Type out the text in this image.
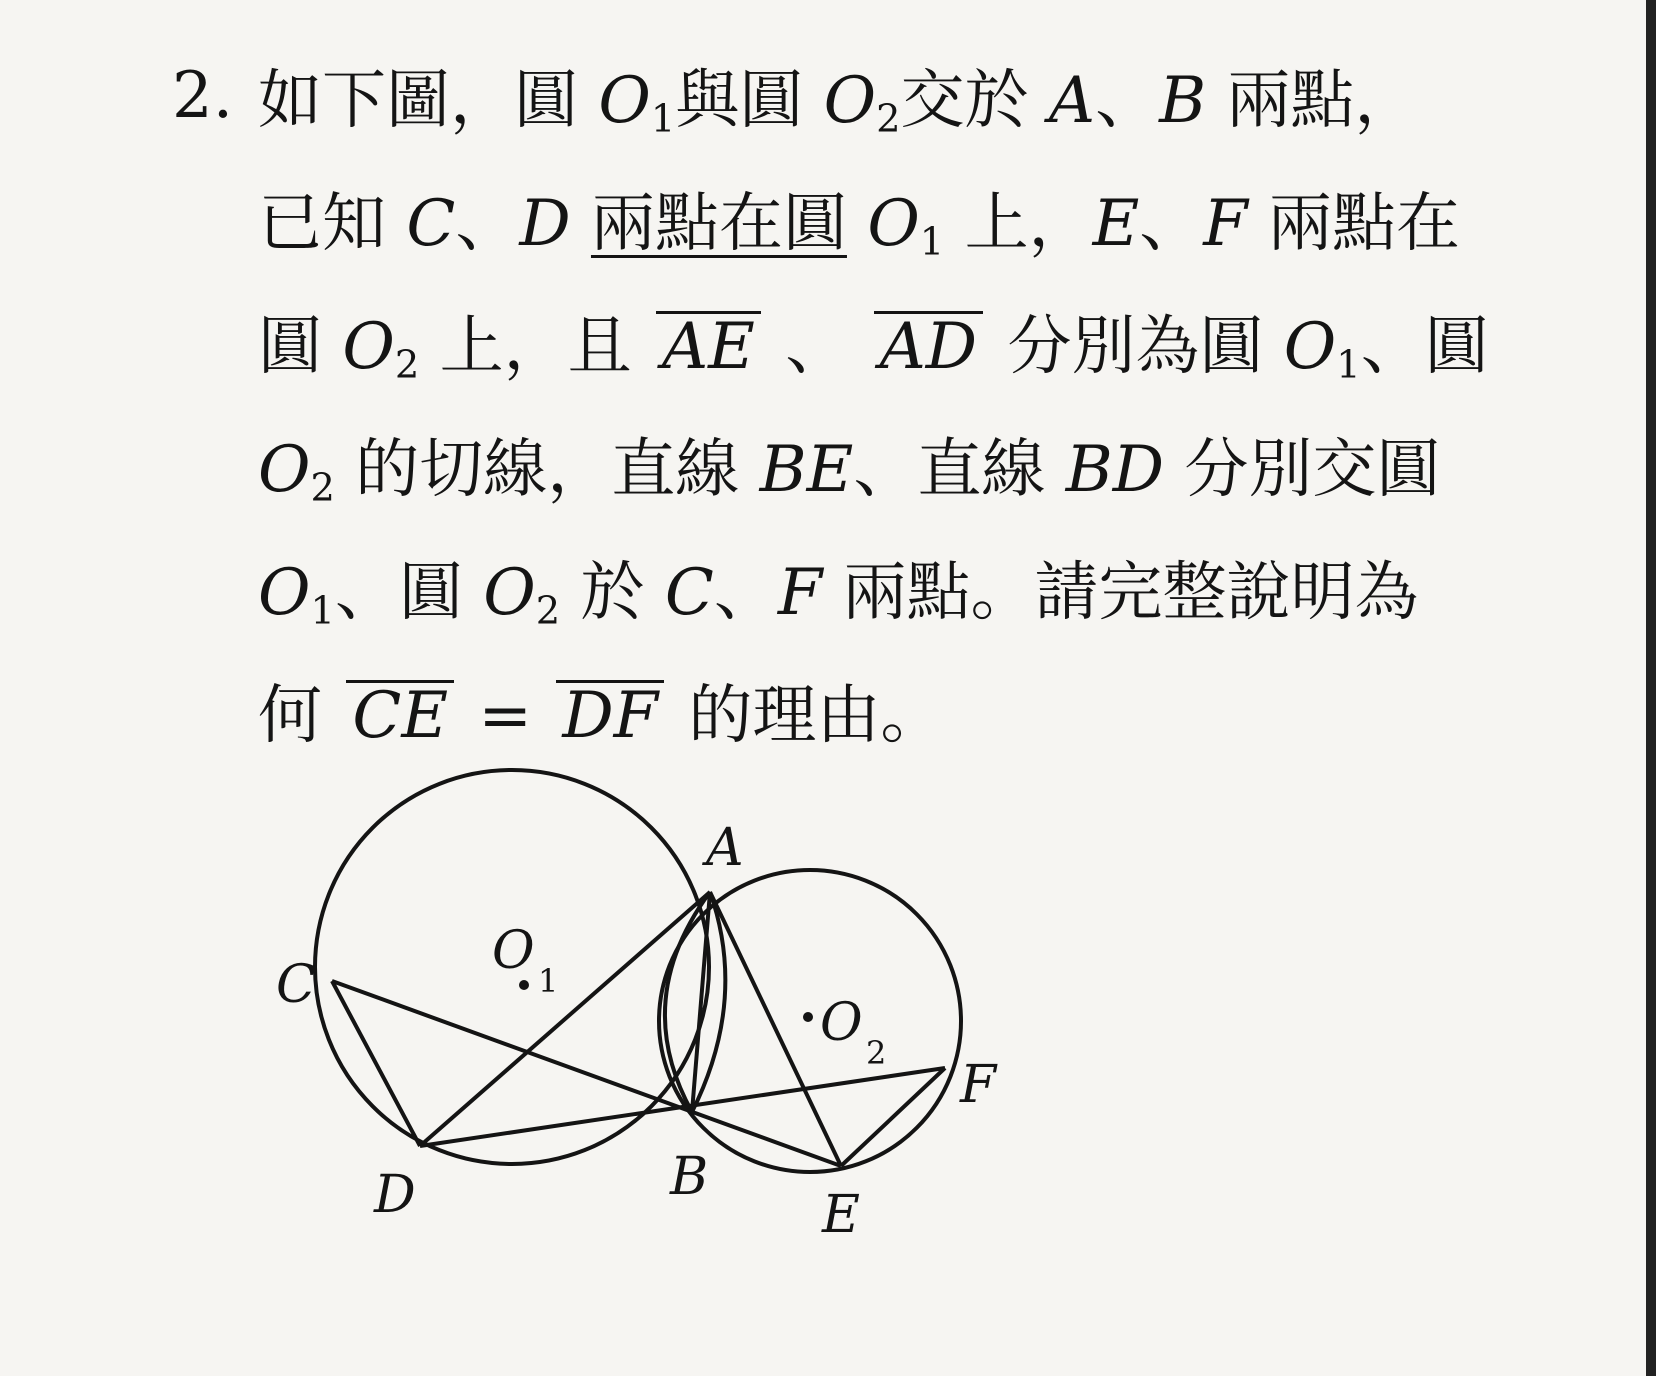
2. 如下圖，圓 $O_1$與圓 $O_2$交於 A、B 兩點，
已知 C、D 兩點在圓 $O_1$ 上，E、F 兩點在
圓 $O_2$ 上，且 AE 、 AD 分別為圓 $O_1$、圓
$O_2$ 的切線，直線 BE、直線 BD 分別交圓
$O_1$、圓 $O_2$ 於 C、F 兩點。請完整說明為
何 CE = DF 的理由。
A
C
D	B
E
F
O 1
O 2
